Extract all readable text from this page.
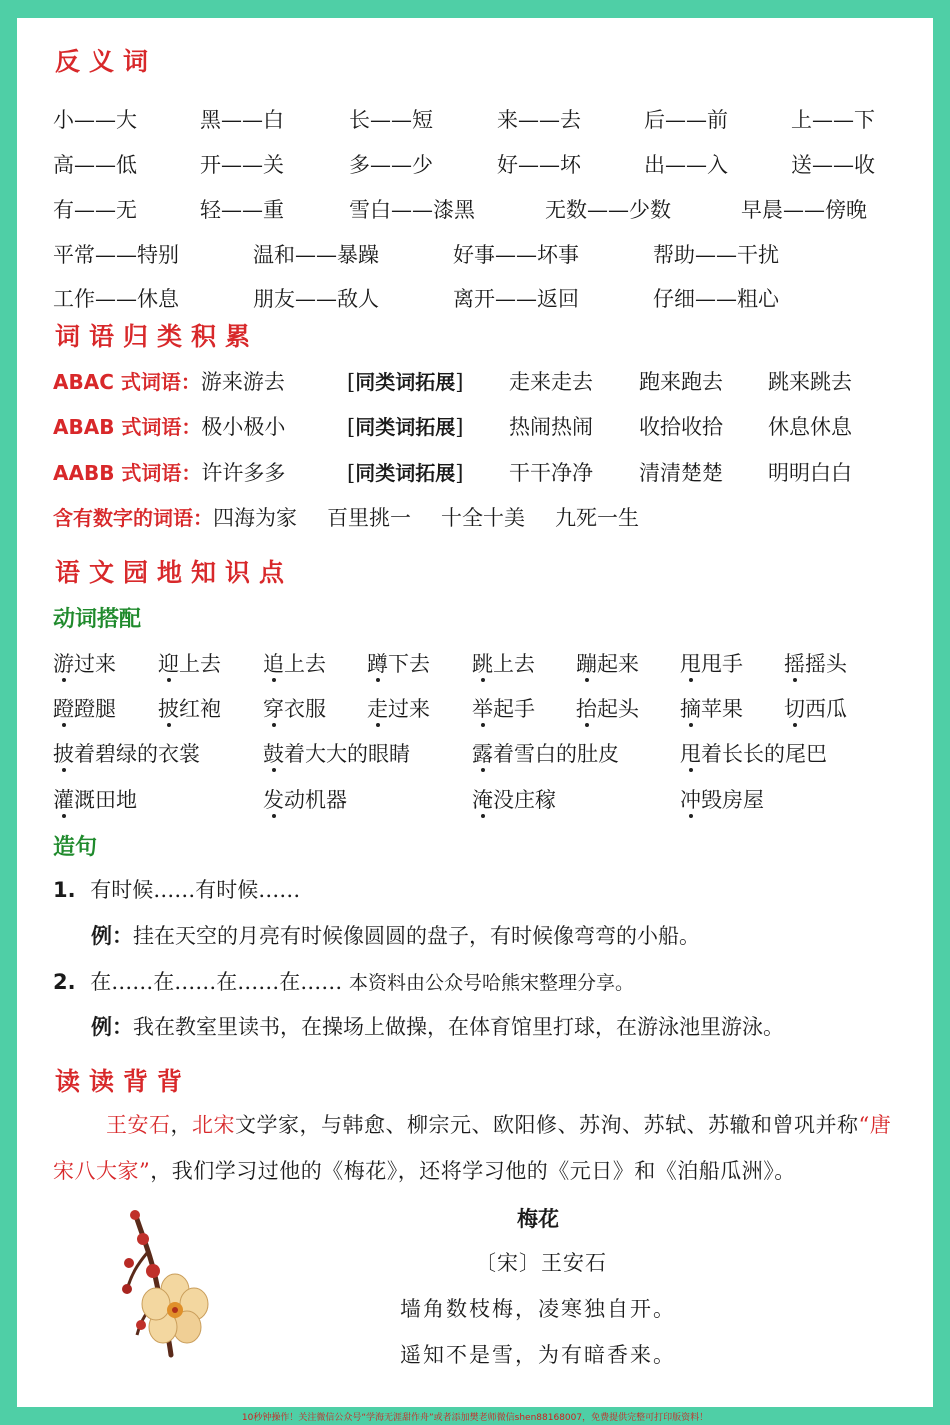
反义词
小——大	黑——白	长——短	来——去	后——前	上——下
高——低	开——关	多——少	好——坏	出——入	送——收
有——无	轻——重	雪白——漆黑	无数——少数	早晨——傍晚
平常——特别	温和——暴躁	好事——坏事	帮助——干扰
工作——休息	朋友——敌人	离开——返回	仔细——粗心
词语归类积累
ABAC 式词语：游来游去	[同类词拓展] 走来走去 跑来跑去 跳来跳去
ABAB 式词语：极小极小	[同类词拓展] 热闹热闹 收拾收拾 休息休息
AABB 式词语：许许多多	[同类词拓展] 干干净净 清清楚楚 明明白白
含有数字的词语：四海为家 百里挑一 十全十美 九死一生
语文园地知识点
动词搭配
游过来 迎上去 追上去 蹲下去 跳上去 蹦起来 甩甩手 摇摇头
蹬蹬腿 披红袍 穿衣服 走过来 举起手 抬起头 摘苹果 切西瓜
披着碧绿的衣裳	鼓着大大的眼睛	露着雪白的肚皮	甩着长长的尾巴
灌溉田地	发动机器	淹没庄稼	冲毁房屋
造句
1. 有时候……有时候……
例：挂在天空的月亮有时候像圆圆的盘子，有时候像弯弯的小船。
2. 在……在……在……在…… 本资料由公众号哈熊宋整理分享。
例：我在教室里读书，在操场上做操，在体育馆里打球，在游泳池里游泳。
读读背背
王安石，北宋文学家，与韩愈、柳宗元、欧阳修、苏洵、苏轼、苏辙和曾巩并称“唐
宋八大家”，我们学习过他的《梅花》，还将学习他的《元日》和《泊船瓜洲》。
梅花
〔宋〕王安石
墙角数枝梅，凌寒独自开。
遥知不是雪，为有暗香来。
10秒钟操作！关注微信公众号“学海无涯甜作舟”或者添加樊老师微信shen88168007，免费提供完整可打印版资料！
